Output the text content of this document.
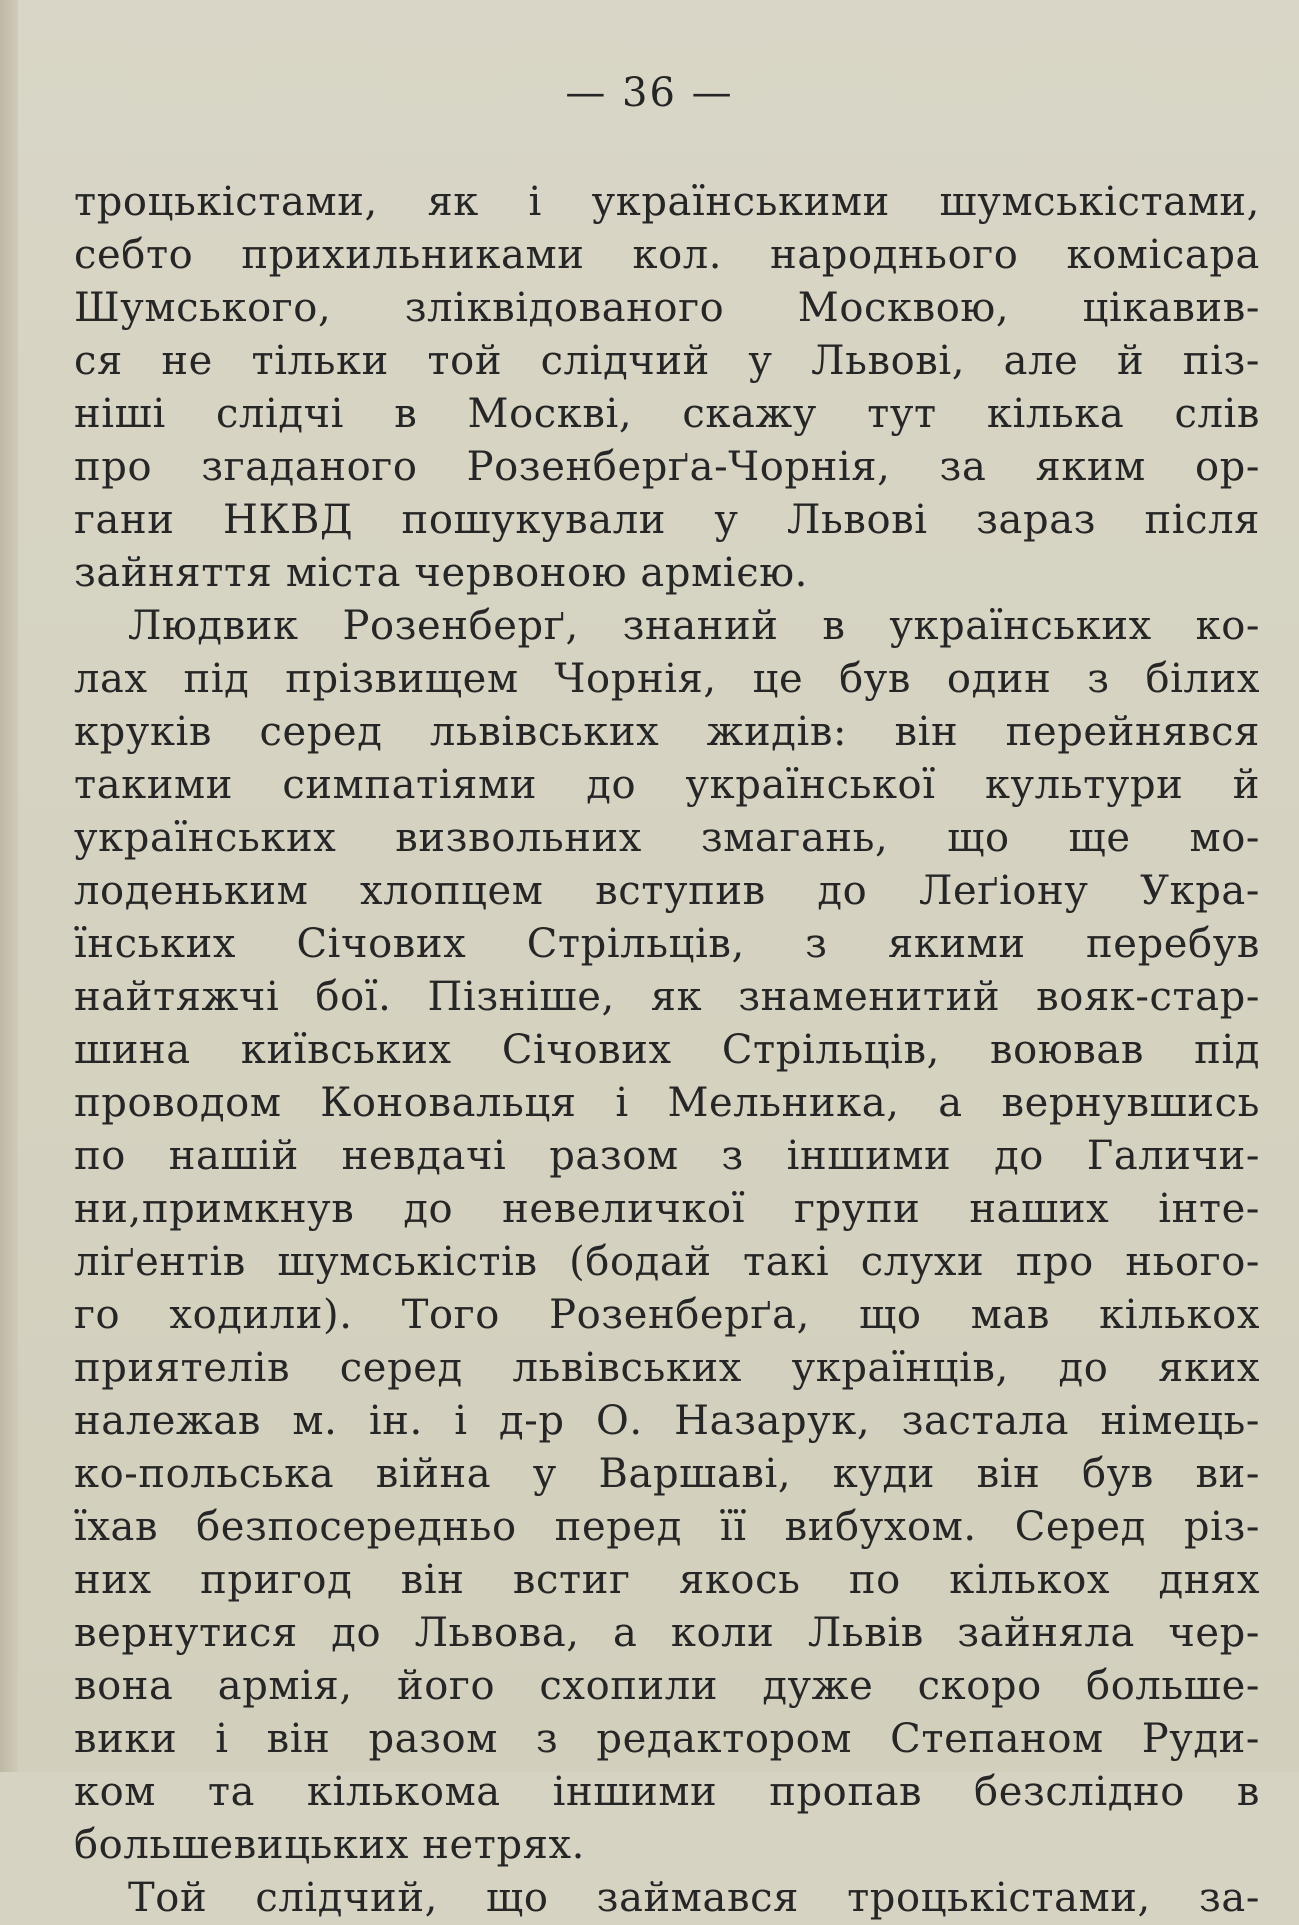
— 36 —
троцькістами, як і українськими шумськістами,
себто прихильниками кол. народнього комісара
Шумського, зліквідованого Москвою, цікавив-
ся не тільки той слідчий у Львові, але й піз-
ніші слідчі в Москві, скажу тут кілька слів
про згаданого Розенберґа-Чорнія, за яким ор-
гани НКВД пошукували у Львові зараз після
зайняття міста червоною армією.
Людвик Розенберґ, знаний в українських ко-
лах під прізвищем Чорнія, це був один з білих
круків серед львівських жидів: він перейнявся
такими симпатіями до української культури й
українських визвольних змагань, що ще мо-
лоденьким хлопцем вступив до Леґіону Укра-
їнських Січових Стрільців, з якими перебув
найтяжчі бої. Пізніше, як знаменитий вояк-стар-
шина київських Січових Стрільців, воював під
проводом Коновальця і Мельника, а вернувшись
по нашій невдачі разом з іншими до Галичи-
ни,примкнув до невеличкої групи наших інте-
ліґентів шумськістів (бодай такі слухи про нього-
го ходили). Того Розенберґа, що мав кількох
приятелів серед львівських українців, до яких
належав м. ін. і д-р О. Назарук, застала німець-
ко-польська війна у Варшаві, куди він був ви-
їхав безпосередньо перед її вибухом. Серед різ-
них пригод він встиг якось по кількох днях
вернутися до Львова, а коли Львів зайняла чер-
вона армія, його схопили дуже скоро большe-
вики і він разом з редактором Степаном Руди-
ком та кількома іншими пропав безслідно в
большевицьких нетрях.
Той слідчий, що займався троцькістами, за-
